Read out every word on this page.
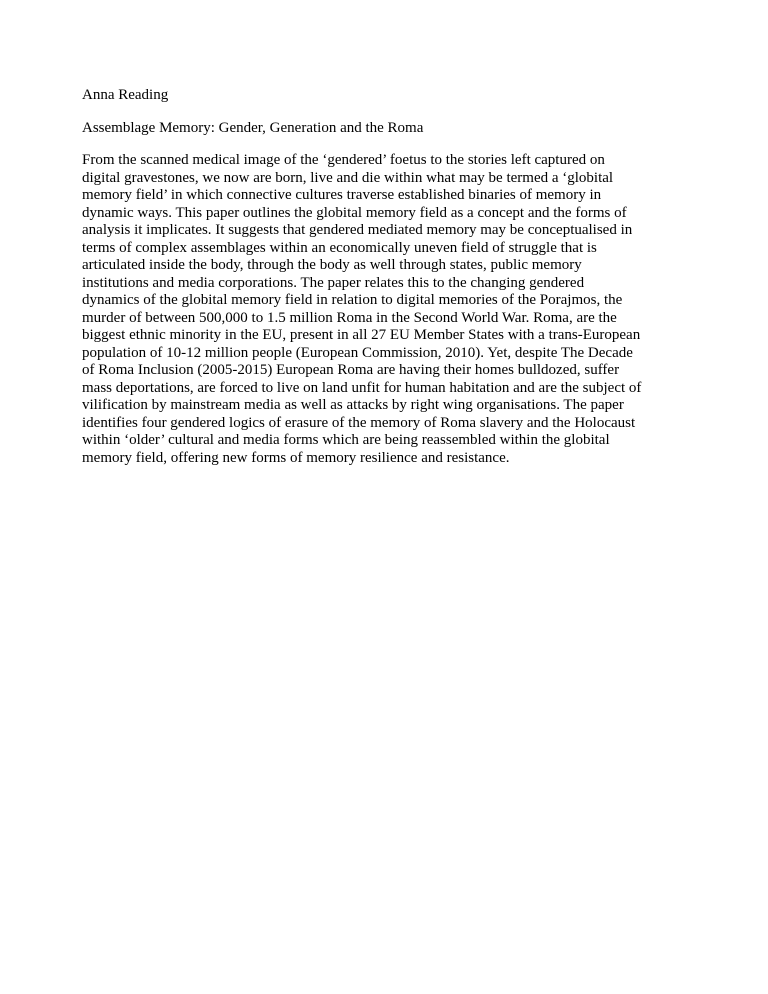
Anna Reading

Assemblage Memory: Gender, Generation and the Roma

From the scanned medical image of the ‘gendered’ foetus to the stories left captured on
digital gravestones, we now are born, live and die within what may be termed a ‘globital
memory field’ in which connective cultures traverse established binaries of memory in
dynamic ways. This paper outlines the globital memory field as a concept and the forms of
analysis it implicates. It suggests that gendered mediated memory may be conceptualised in
terms of complex assemblages within an economically uneven field of struggle that is
articulated inside the body, through the body as well through states, public memory
institutions and media corporations. The paper relates this to the changing gendered
dynamics of the globital memory field in relation to digital memories of the Porajmos, the
murder of between 500,000 to 1.5 million Roma in the Second World War. Roma, are the
biggest ethnic minority in the EU, present in all 27 EU Member States with a trans-European
population of 10-12 million people (European Commission, 2010). Yet, despite The Decade
of Roma Inclusion (2005-2015) European Roma are having their homes bulldozed, suffer
mass deportations, are forced to live on land unfit for human habitation and are the subject of
vilification by mainstream media as well as attacks by right wing organisations. The paper
identifies four gendered logics of erasure of the memory of Roma slavery and the Holocaust
within ‘older’ cultural and media forms which are being reassembled within the globital
memory field, offering new forms of memory resilience and resistance.
